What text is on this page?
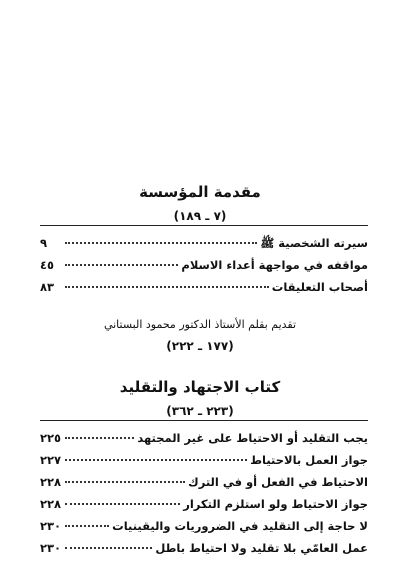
مقدمة المؤسسة
(٧ ـ ١٨٩)
سيرته الشخصية ﷺ
٩
مواقفه في مواجهة أعداء الاسلام
٤٥
أصحاب التعليقات
٨٣
تقديم بقلم الأستاذ الدكتور محمود البستاني
(١٧٧ ـ ٢٢٢)
كتاب الاجتهاد والتقليد
(٢٢٣ ـ ٣٦٢)
يجب التقليد أو الاحتياط على غير المجتهد
٢٢٥
جواز العمل بالاحتياط
٢٢٧
الاحتياط في الفعل أو في الترك
٢٢٨
جواز الاحتياط ولو استلزم التكرار
٢٢٨
لا حاجة إلى التقليد في الضروريات واليقينيات
٢٣٠
عمل العامّي بلا تقليد ولا احتياط باطل
٢٣٠
